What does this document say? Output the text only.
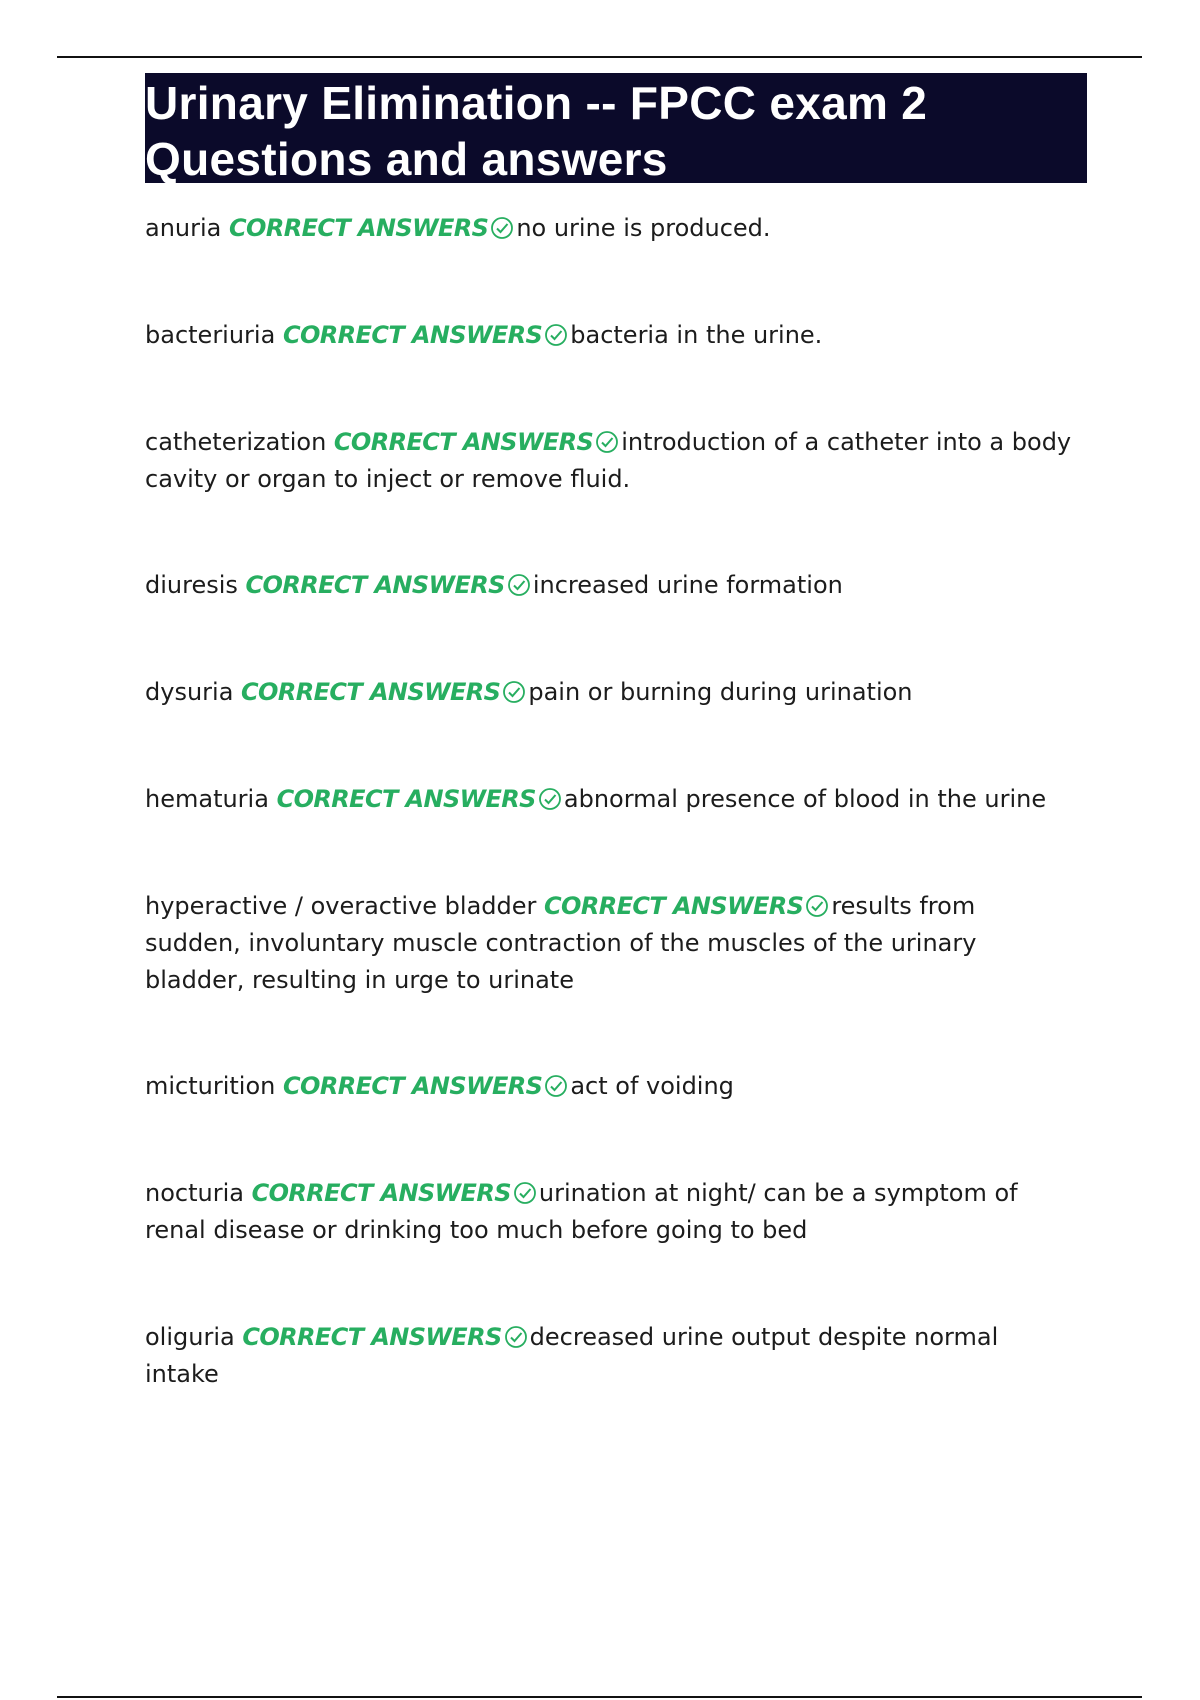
Urinary Elimination -- FPCC exam 2
Questions and answers

anuria CORRECT ANSWERS no urine is produced.

bacteriuria CORRECT ANSWERS bacteria in the urine.

catheterization CORRECT ANSWERS introduction of a catheter into a body cavity or organ to inject or remove fluid.

diuresis CORRECT ANSWERS increased urine formation

dysuria CORRECT ANSWERS pain or burning during urination

hematuria CORRECT ANSWERS abnormal presence of blood in the urine

hyperactive / overactive bladder CORRECT ANSWERS results from sudden, involuntary muscle contraction of the muscles of the urinary bladder, resulting in urge to urinate

micturition CORRECT ANSWERS act of voiding

nocturia CORRECT ANSWERS urination at night/ can be a symptom of renal disease or drinking too much before going to bed

oliguria CORRECT ANSWERS decreased urine output despite normal intake
